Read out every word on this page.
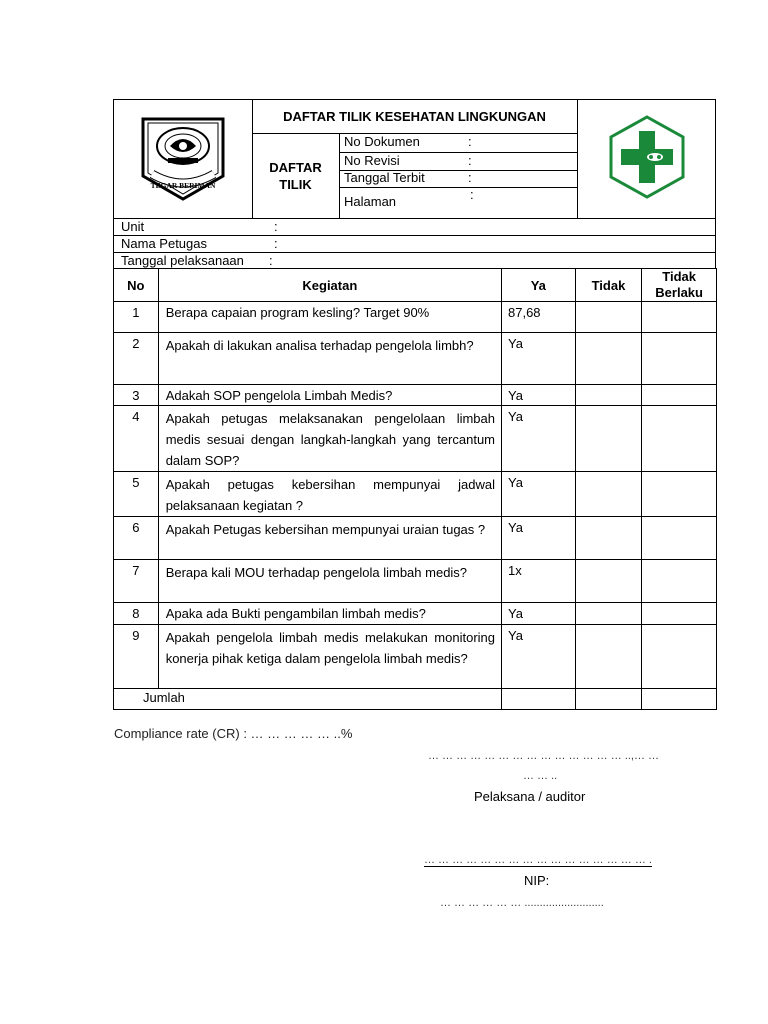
TEGAR BERIMAN
DAFTAR TILIK KESEHATAN LINGKUNGAN
DAFTAR
TILIK
No Dokumen	:
No Revisi	:
Tanggal Terbit	:
Halaman	:
Unit	:
Nama Petugas	:
Tanggal pelaksanaan :
No	Kegiatan	Ya	Tidak	Tidak
Berlaku

1	Berapa capaian program kesling? Target 90%	87,68		

2	Apakah di lakukan analisa terhadap pengelola limbh?	Ya		

3	Adakah SOP pengelola Limbah Medis?	Ya		

4	Apakah petugas melaksanakan pengelolaan limbah medis sesuai dengan langkah-langkah yang tercantum dalam SOP?	Ya		

5	Apakah petugas kebersihan mempunyai jadwal pelaksanaan kegiatan ?	Ya		

6	Apakah Petugas kebersihan mempunyai uraian tugas ?	Ya		

7	Berapa kali MOU terhadap pengelola limbah medis?	1x		

8	Apaka ada Bukti pengambilan limbah medis?	Ya		

9	Apakah pengelola limbah medis melakukan monitoring konerja pihak ketiga dalam pengelola limbah medis?	Ya		

Jumlah				

Compliance rate (CR) : … … … … … ..%
… … … … … … … … … … … … … … ..,… …
… … ..
Pelaksana / auditor
… … … … … … … … … … … … … … … … .
NIP:
… … … … … … ..........................
